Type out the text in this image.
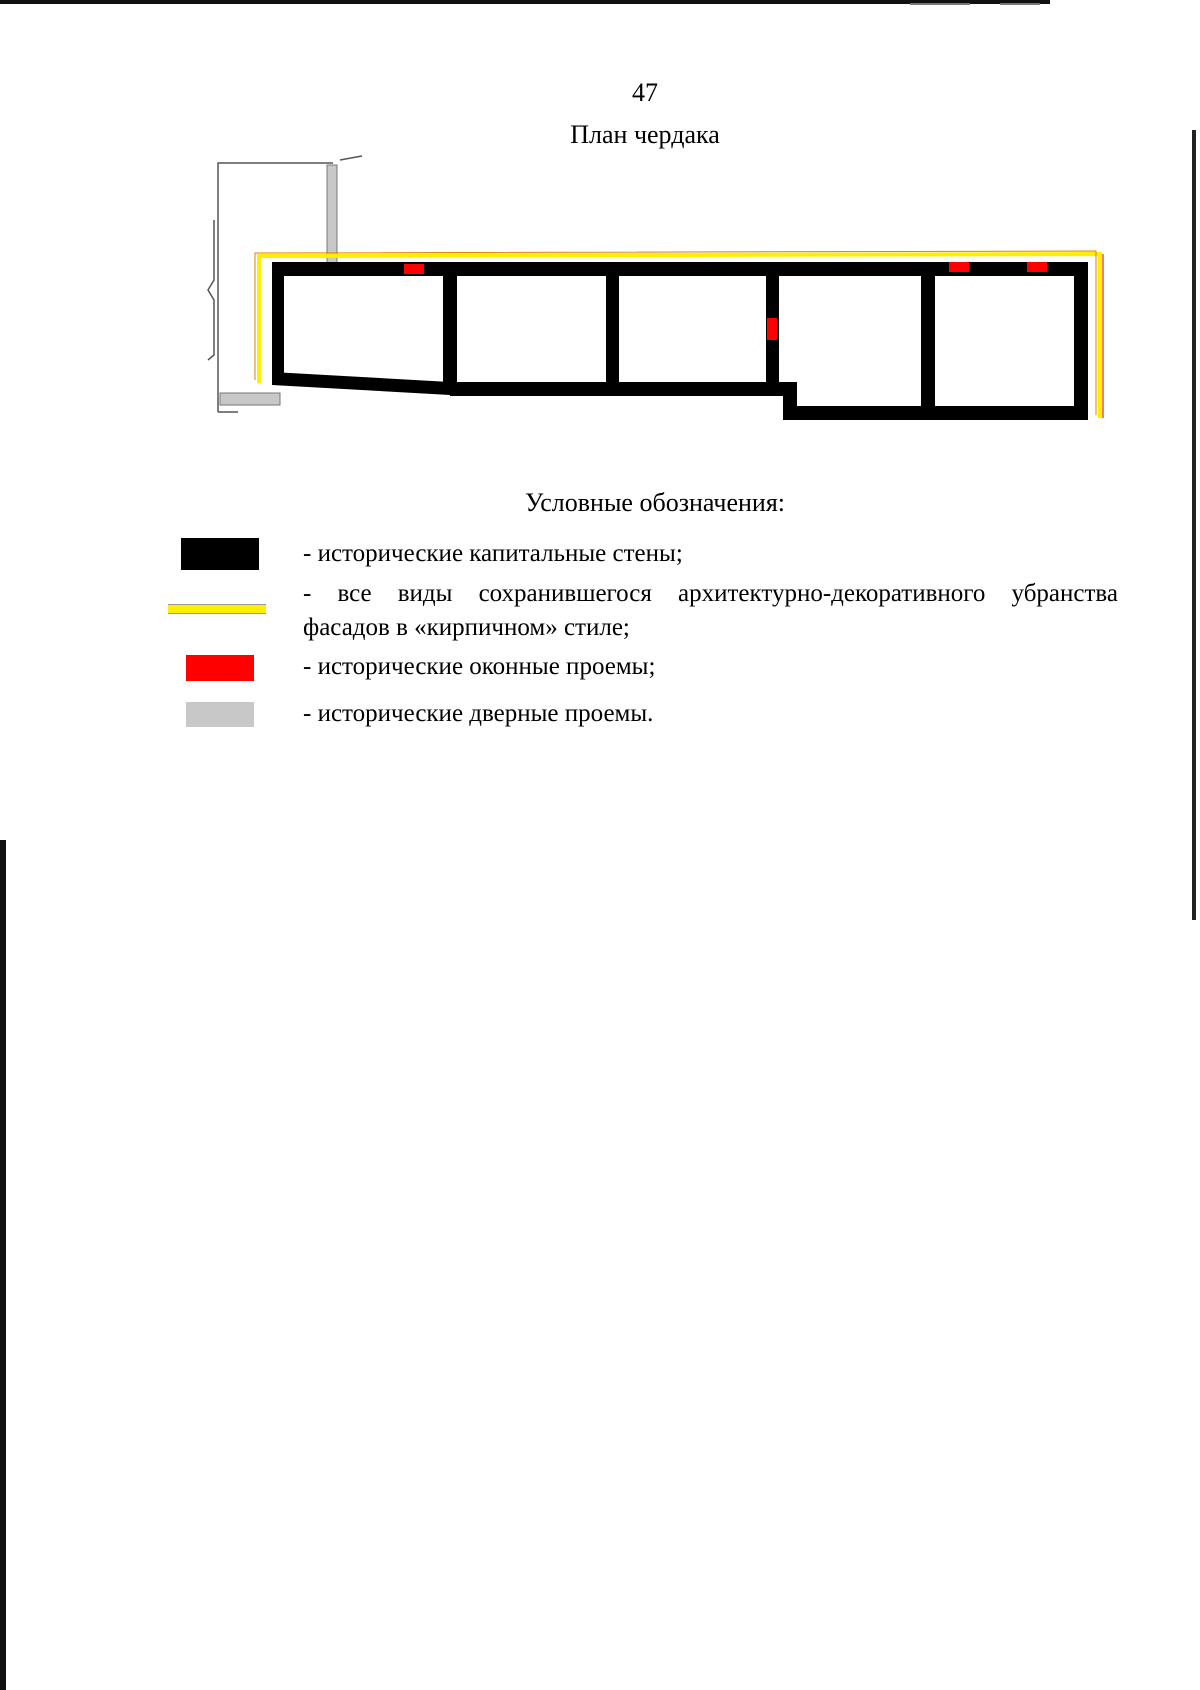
47
План чердака
Условные обозначения:
- исторические капитальные стены;
- все виды сохранившегося архитектурно-декоративного убранства
фасадов в «кирпичном» стиле;
- исторические оконные проемы;
- исторические дверные проемы.
